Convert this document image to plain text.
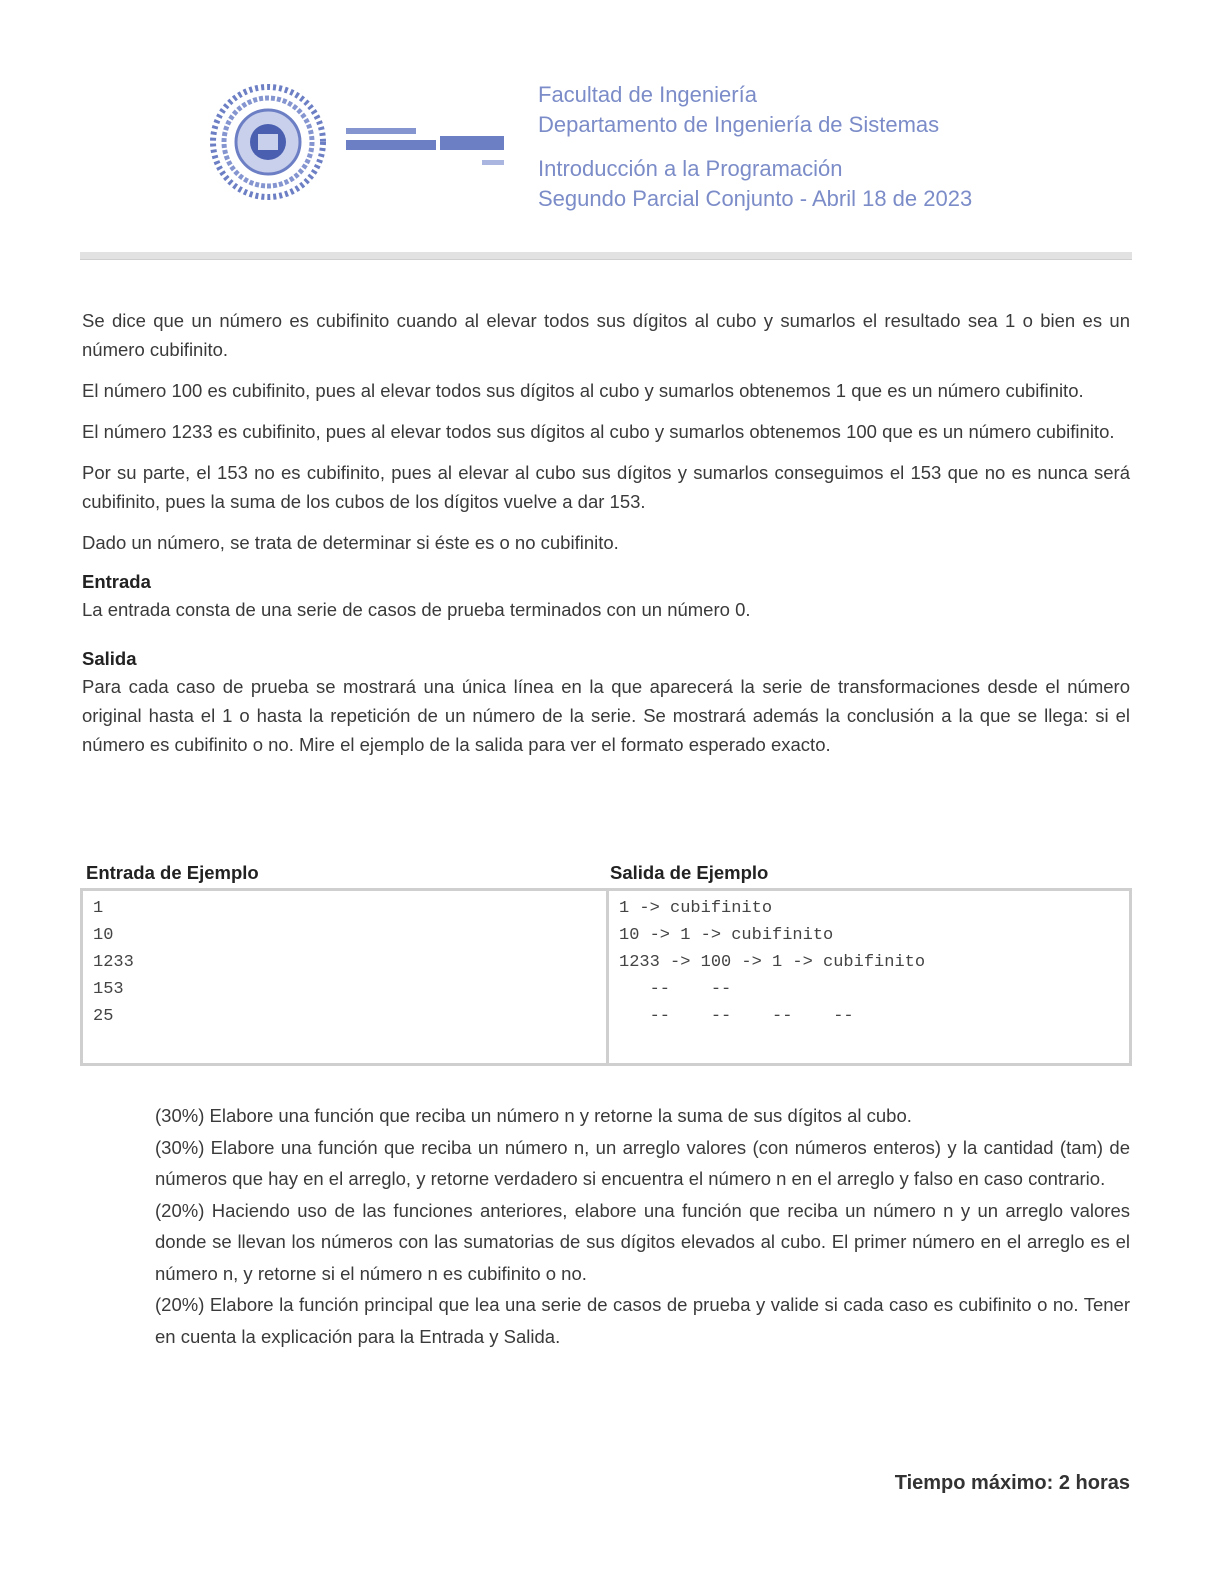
Facultad de Ingeniería
Departamento de Ingeniería de Sistemas
Introducción a la Programación
Segundo Parcial Conjunto - Abril 18 de 2023

Se dice que un número es cubifinito cuando al elevar todos sus dígitos al cubo y sumarlos el resultado sea 1 o bien es un número cubifinito.

El número 100 es cubifinito, pues al elevar todos sus dígitos al cubo y sumarlos obtenemos 1 que es un número cubifinito.

El número 1233 es cubifinito, pues al elevar todos sus dígitos al cubo y sumarlos obtenemos 100 que es un número cubifinito.

Por su parte, el 153 no es cubifinito, pues al elevar al cubo sus dígitos y sumarlos conseguimos el 153 que no es nunca será cubifinito, pues la suma de los cubos de los dígitos vuelve a dar 153.

Dado un número, se trata de determinar si éste es o no cubifinito.

Entrada

La entrada consta de una serie de casos de prueba terminados con un número 0.

Salida

Para cada caso de prueba se mostrará una única línea en la que aparecerá la serie de transformaciones desde el número original hasta el 1 o hasta la repetición de un número de la serie. Se mostrará además la conclusión a la que se llega: si el número es cubifinito o no. Mire el ejemplo de la salida para ver el formato esperado exacto.

Entrada de Ejemplo	Salida de Ejemplo
1
10
1233
153
25
1 -> cubifinito
10 -> 1 -> cubifinito
1233 -> 100 -> 1 -> cubifinito
--    --
--    --    --    --

(30%) Elabore una función que reciba un número n y retorne la suma de sus dígitos al cubo.

(30%) Elabore una función que reciba un número n, un arreglo valores (con números enteros) y la cantidad (tam) de números que hay en el arreglo, y retorne verdadero si encuentra el número n en el arreglo y falso en caso contrario.

(20%) Haciendo uso de las funciones anteriores, elabore una función que reciba un número n y un arreglo valores donde se llevan los números con las sumatorias de sus dígitos elevados al cubo. El primer número en el arreglo es el número n, y retorne si el número n es cubifinito o no.

(20%) Elabore la función principal que lea una serie de casos de prueba y valide si cada caso es cubifinito o no. Tener en cuenta la explicación para la Entrada y Salida.

Tiempo máximo: 2 horas
